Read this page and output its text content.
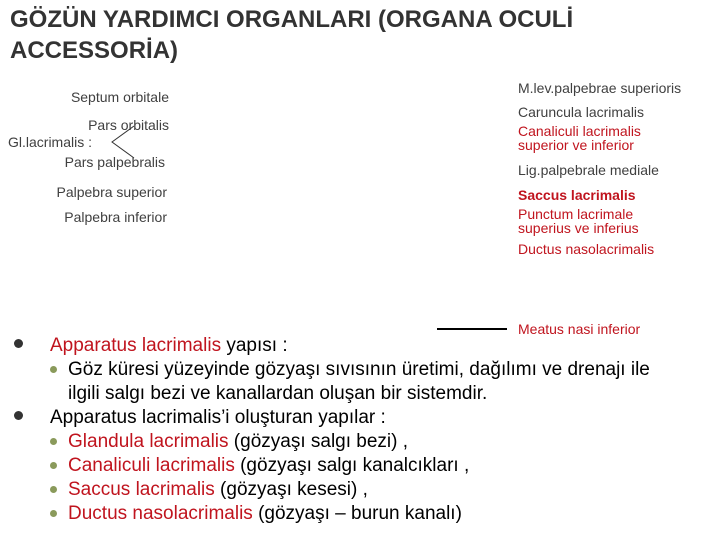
GÖZÜN YARDIMCI ORGANLARI (ORGANA OCULİ ACCESSORİA)
Septum orbitale
Pars orbitalis
Gl.lacrimalis :
Pars palpebralis
Palpebra superior
Palpebra inferior
M.lev.palpebrae superioris
Caruncula lacrimalis
Canaliculi lacrimalis
superior ve inferior
Lig.palpebrale mediale
Saccus lacrimalis
Punctum lacrimale
superius ve inferius
Ductus nasolacrimalis
Meatus nasi inferior
Apparatus lacrimalis yapısı :
Göz küresi yüzeyinde gözyaşı sıvısının üretimi, dağılımı ve drenajı ile ilgili salgı bezi ve kanallardan oluşan bir sistemdir.
Apparatus lacrimalis’i oluşturan yapılar :
Glandula lacrimalis (gözyaşı salgı bezi) ,
Canaliculi lacrimalis (gözyaşı salgı kanalcıkları ,
Saccus lacrimalis (gözyaşı kesesi) ,
Ductus nasolacrimalis (gözyaşı – burun kanalı)
